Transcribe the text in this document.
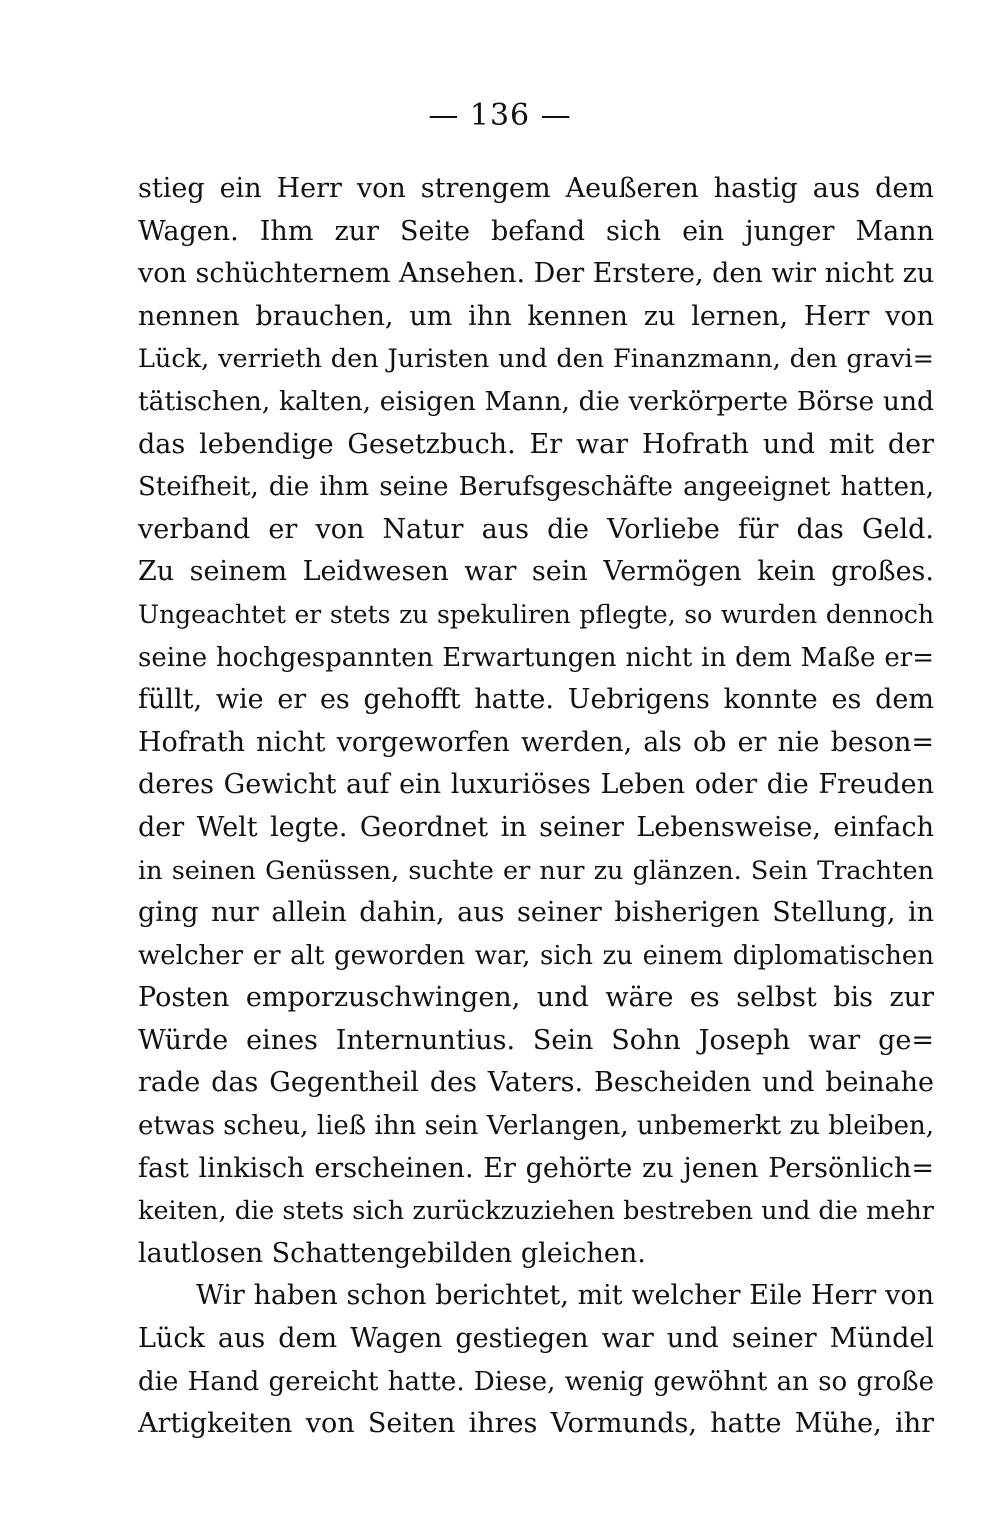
— 136 —
stieg ein Herr von strengem Aeußeren hastig aus dem
Wagen. Ihm zur Seite befand sich ein junger Mann
von schüchternem Ansehen. Der Erstere, den wir nicht zu
nennen brauchen, um ihn kennen zu lernen, Herr von
Lück, verrieth den Juristen und den Finanzmann, den gravi=
tätischen, kalten, eisigen Mann, die verkörperte Börse und
das lebendige Gesetzbuch. Er war Hofrath und mit der
Steifheit, die ihm seine Berufsgeschäfte angeeignet hatten,
verband er von Natur aus die Vorliebe für das Geld.
Zu seinem Leidwesen war sein Vermögen kein großes.
Ungeachtet er stets zu spekuliren pflegte, so wurden dennoch
seine hochgespannten Erwartungen nicht in dem Maße er=
füllt, wie er es gehofft hatte. Uebrigens konnte es dem
Hofrath nicht vorgeworfen werden, als ob er nie beson=
deres Gewicht auf ein luxuriöses Leben oder die Freuden
der Welt legte. Geordnet in seiner Lebensweise, einfach
in seinen Genüssen, suchte er nur zu glänzen. Sein Trachten
ging nur allein dahin, aus seiner bisherigen Stellung, in
welcher er alt geworden war, sich zu einem diplomatischen
Posten emporzuschwingen, und wäre es selbst bis zur
Würde eines Internuntius. Sein Sohn Joseph war ge=
rade das Gegentheil des Vaters. Bescheiden und beinahe
etwas scheu, ließ ihn sein Verlangen, unbemerkt zu bleiben,
fast linkisch erscheinen. Er gehörte zu jenen Persönlich=
keiten, die stets sich zurückzuziehen bestreben und die mehr
lautlosen Schattengebilden gleichen.
Wir haben schon berichtet, mit welcher Eile Herr von
Lück aus dem Wagen gestiegen war und seiner Mündel
die Hand gereicht hatte. Diese, wenig gewöhnt an so große
Artigkeiten von Seiten ihres Vormunds, hatte Mühe, ihr
